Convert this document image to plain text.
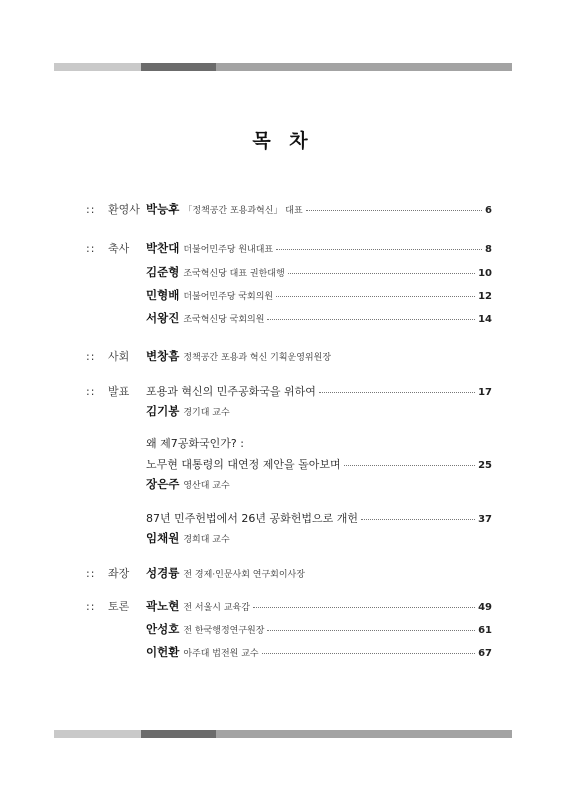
목 차
:: 환영사 박능후 「정책공간 포용과혁신」 대표	6
:: 축사 박찬대 더불어민주당 원내대표	8
김준형 조국혁신당 대표 권한대행	10
민형배 더불어민주당 국회의원	12
서왕진 조국혁신당 국회의원	14
:: 사회 변창흠 정책공간 포용과 혁신 기획운영위원장
:: 발표 포용과 혁신의 민주공화국을 위하여	17
김기봉 경기대 교수
왜 제7공화국인가? :
노무현 대통령의 대연정 제안을 돌아보며	25
장은주 영산대 교수
87년 민주헌법에서 26년 공화헌법으로 개헌	37
임채원 경희대 교수
:: 좌장 성경륭 전 경제·인문사회 연구회이사장
:: 토론 곽노현 전 서울시 교육감	49
안성호 전 한국행정연구원장	61
이헌환 아주대 법전원 교수	67
